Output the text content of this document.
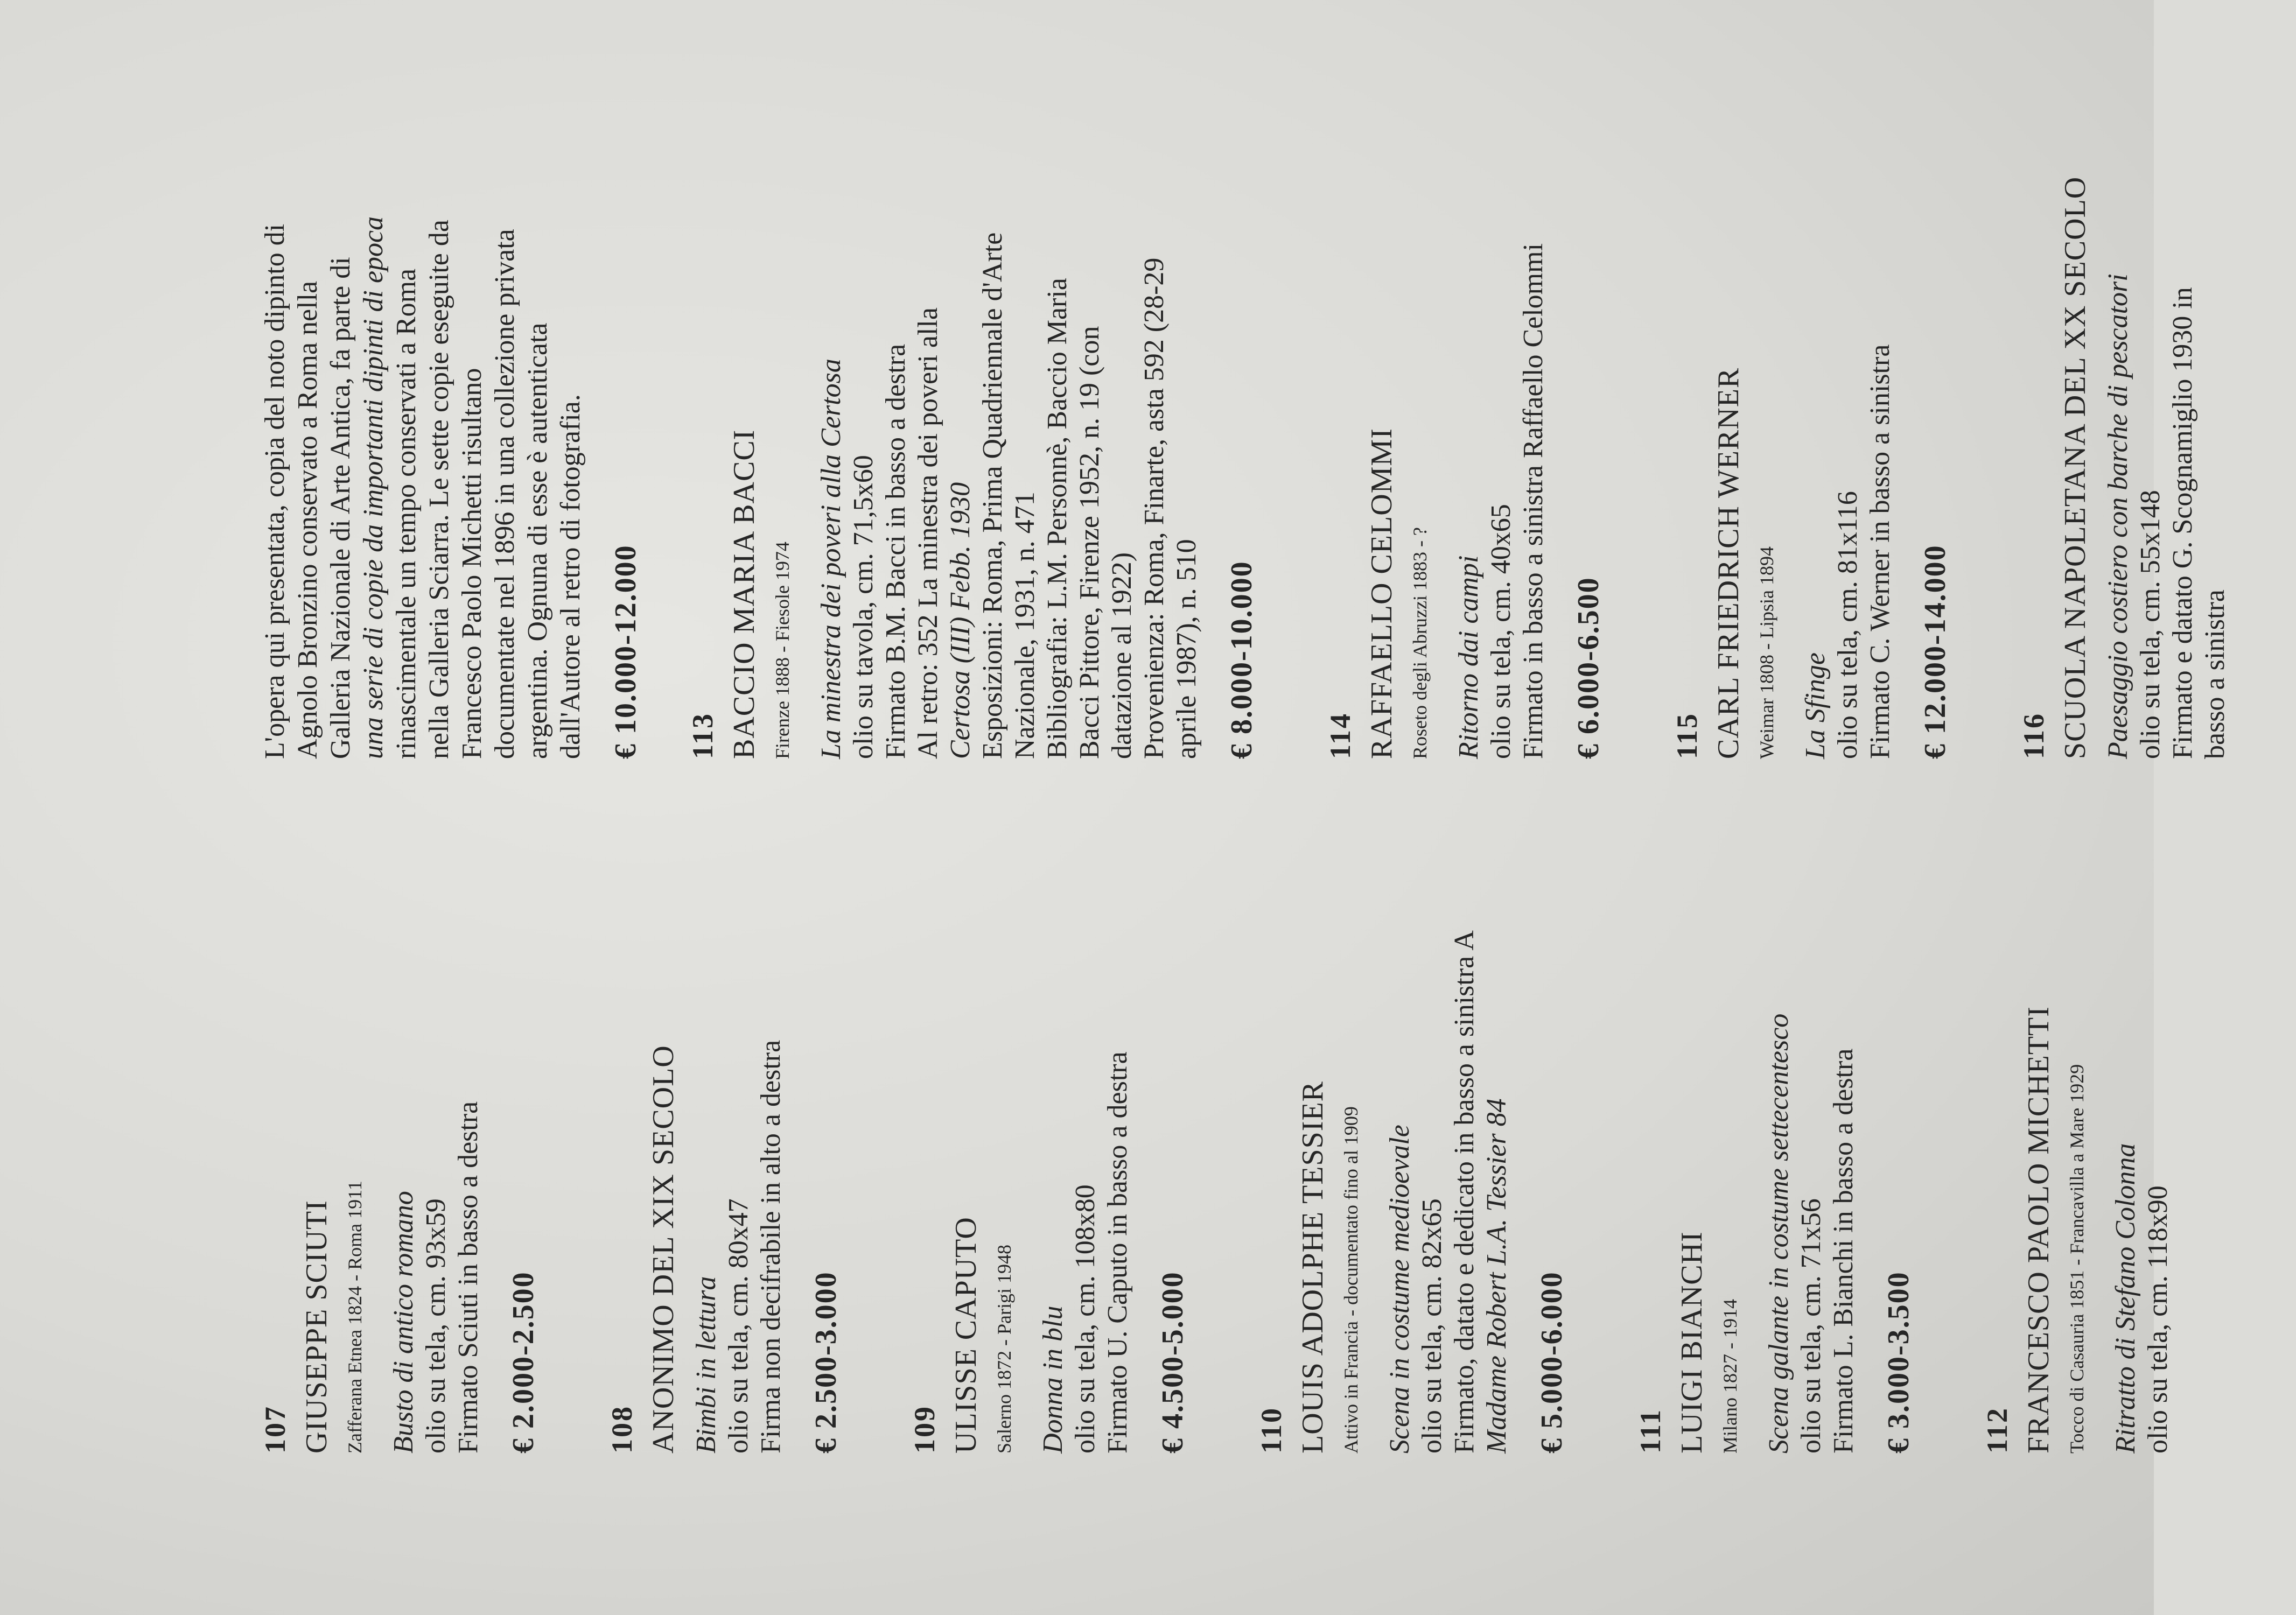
107 GIUSEPPE SCIUTI Zafferana Etnea 1824 - Roma 1911 Busto di antico romano olio su tela, cm. 93x59 Firmato Sciuti in basso a destra € 2.000-2.500 108 ANONIMO DEL XIX SECOLO Bimbi in lettura olio su tela, cm. 80x47 Firma non decifrabile in alto a destra € 2.500-3.000 109 ULISSE CAPUTO Salerno 1872 - Parigi 1948 Donna in blu olio su tela, cm. 108x80 Firmato U. Caputo in basso a destra € 4.500-5.000 110 LOUIS ADOLPHE TESSIER Attivo in Francia - documentato fino al 1909 Scena in costume medioevale olio su tela, cm. 82x65 Firmato, datato e dedicato in basso a sinistra A Madame Robert L.A. Tessier 84 € 5.000-6.000 111 LUIGI BIANCHI Milano 1827 - 1914 Scena galante in costume settecentesco olio su tela, cm. 71x56 Firmato L. Bianchi in basso a destra € 3.000-3.500 112 FRANCESCO PAOLO MICHETTI Tocco di Casauria 1851 - Francavilla a Mare 1929 Ritratto di Stefano Colonna olio su tela, cm. 118x90
L'opera qui presentata, copia del noto dipinto di Agnolo Bronzino conservato a Roma nella Galleria Nazionale di Arte Antica, fa parte di una serie di copie da importanti dipinti di epoca rinascimentale un tempo conservati a Roma nella Galleria Sciarra. Le sette copie eseguite da Francesco Paolo Michetti risultano documentate nel 1896 in una collezione privata argentina. Ognuna di esse è autenticata dall'Autore al retro di fotografia. € 10.000-12.000 113 BACCIO MARIA BACCI Firenze 1888 - Fiesole 1974 La minestra dei poveri alla Certosa olio su tavola, cm. 71,5x60 Firmato B.M. Bacci in basso a destra Al retro: 352 La minestra dei poveri alla Certosa (III) Febb. 1930 Esposizioni: Roma, Prima Quadriennale d'Arte Nazionale, 1931, n. 471 Bibliografia: L.M. Personnè, Baccio Maria Bacci Pittore, Firenze 1952, n. 19 (con datazione al 1922) Provenienza: Roma, Finarte, asta 592 (28-29 aprile 1987), n. 510 € 8.000-10.000 114 RAFFAELLO CELOMMI Roseto degli Abruzzi 1883 - ? Ritorno dai campi olio su tela, cm. 40x65 Firmato in basso a sinistra Raffaello Celommi € 6.000-6.500 115 CARL FRIEDRICH WERNER Weimar 1808 - Lipsia 1894 La Sfinge olio su tela, cm. 81x116 Firmato C. Werner in basso a sinistra € 12.000-14.000 116 SCUOLA NAPOLETANA DEL XX SECOLO Paesaggio costiero con barche di pescatori olio su tela, cm. 55x148 Firmato e datato G. Scognamiglio 1930 in basso a sinistra
